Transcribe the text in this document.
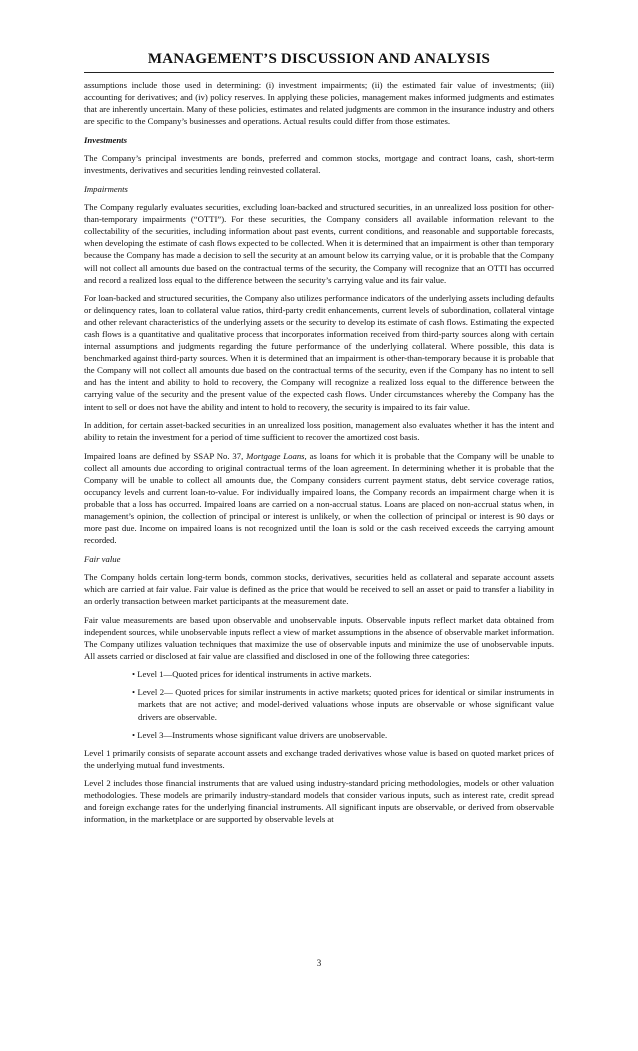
MANAGEMENT’S DISCUSSION AND ANALYSIS

assumptions include those used in determining: (i) investment impairments; (ii) the estimated fair value of investments; (iii) accounting for derivatives; and (iv) policy reserves. In applying these policies, management makes informed judgments and estimates that are inherently uncertain. Many of these policies, estimates and related judgments are common in the insurance industry and others are specific to the Company’s businesses and operations. Actual results could differ from those estimates.

Investments

The Company’s principal investments are bonds, preferred and common stocks, mortgage and contract loans, cash, short-term investments, derivatives and securities lending reinvested collateral.

Impairments

The Company regularly evaluates securities, excluding loan-backed and structured securities, in an unrealized loss position for other-than-temporary impairments (“OTTI”). For these securities, the Company considers all available information relevant to the collectability of the securities, including information about past events, current conditions, and reasonable and supportable forecasts, when developing the estimate of cash flows expected to be collected. When it is determined that an impairment is other than temporary because the Company has made a decision to sell the security at an amount below its carrying value, or it is probable that the Company will not collect all amounts due based on the contractual terms of the security, the Company will recognize that an OTTI has occurred and record a realized loss equal to the difference between the security’s carrying value and its fair value.

For loan-backed and structured securities, the Company also utilizes performance indicators of the underlying assets including defaults or delinquency rates, loan to collateral value ratios, third-party credit enhancements, current levels of subordination, collateral vintage and other relevant characteristics of the underlying assets or the security to develop its estimate of cash flows. Estimating the expected cash flows is a quantitative and qualitative process that incorporates information received from third-party sources along with certain internal assumptions and judgments regarding the future performance of the underlying collateral. Where possible, this data is benchmarked against third-party sources. When it is determined that an impairment is other-than-temporary because it is probable that the Company will not collect all amounts due based on the contractual terms of the security, even if the Company has no intent to sell and has the intent and ability to hold to recovery, the Company will recognize a realized loss equal to the difference between the carrying value of the security and the present value of the expected cash flows. Under circumstances whereby the Company has the intent to sell or does not have the ability and intent to hold to recovery, the security is impaired to its fair value.

In addition, for certain asset-backed securities in an unrealized loss position, management also evaluates whether it has the intent and ability to retain the investment for a period of time sufficient to recover the amortized cost basis.

Impaired loans are defined by SSAP No. 37, Mortgage Loans, as loans for which it is probable that the Company will be unable to collect all amounts due according to original contractual terms of the loan agreement. In determining whether it is probable that the Company will be unable to collect all amounts due, the Company considers current payment status, debt service coverage ratios, occupancy levels and current loan-to-value. For individually impaired loans, the Company records an impairment charge when it is probable that a loss has occurred. Impaired loans are carried on a non-accrual status. Loans are placed on non-accrual status when, in management’s opinion, the collection of principal or interest is unlikely, or when the collection of principal or interest is 90 days or more past due. Income on impaired loans is not recognized until the loan is sold or the cash received exceeds the carrying amount recorded.

Fair value

The Company holds certain long-term bonds, common stocks, derivatives, securities held as collateral and separate account assets which are carried at fair value. Fair value is defined as the price that would be received to sell an asset or paid to transfer a liability in an orderly transaction between market participants at the measurement date.

Fair value measurements are based upon observable and unobservable inputs. Observable inputs reflect market data obtained from independent sources, while unobservable inputs reflect a view of market assumptions in the absence of observable market information. The Company utilizes valuation techniques that maximize the use of observable inputs and minimize the use of unobservable inputs. All assets carried or disclosed at fair value are classified and disclosed in one of the following three categories:

• Level 1—Quoted prices for identical instruments in active markets.
• Level 2— Quoted prices for similar instruments in active markets; quoted prices for identical or similar instruments in markets that are not active; and model-derived valuations whose inputs are observable or whose significant value drivers are observable.
• Level 3—Instruments whose significant value drivers are unobservable.

Level 1 primarily consists of separate account assets and exchange traded derivatives whose value is based on quoted market prices of the underlying mutual fund investments.

Level 2 includes those financial instruments that are valued using industry-standard pricing methodologies, models or other valuation methodologies. These models are primarily industry-standard models that consider various inputs, such as interest rate, credit spread and foreign exchange rates for the underlying financial instruments. All significant inputs are observable, or derived from observable information, in the marketplace or are supported by observable levels at

3
